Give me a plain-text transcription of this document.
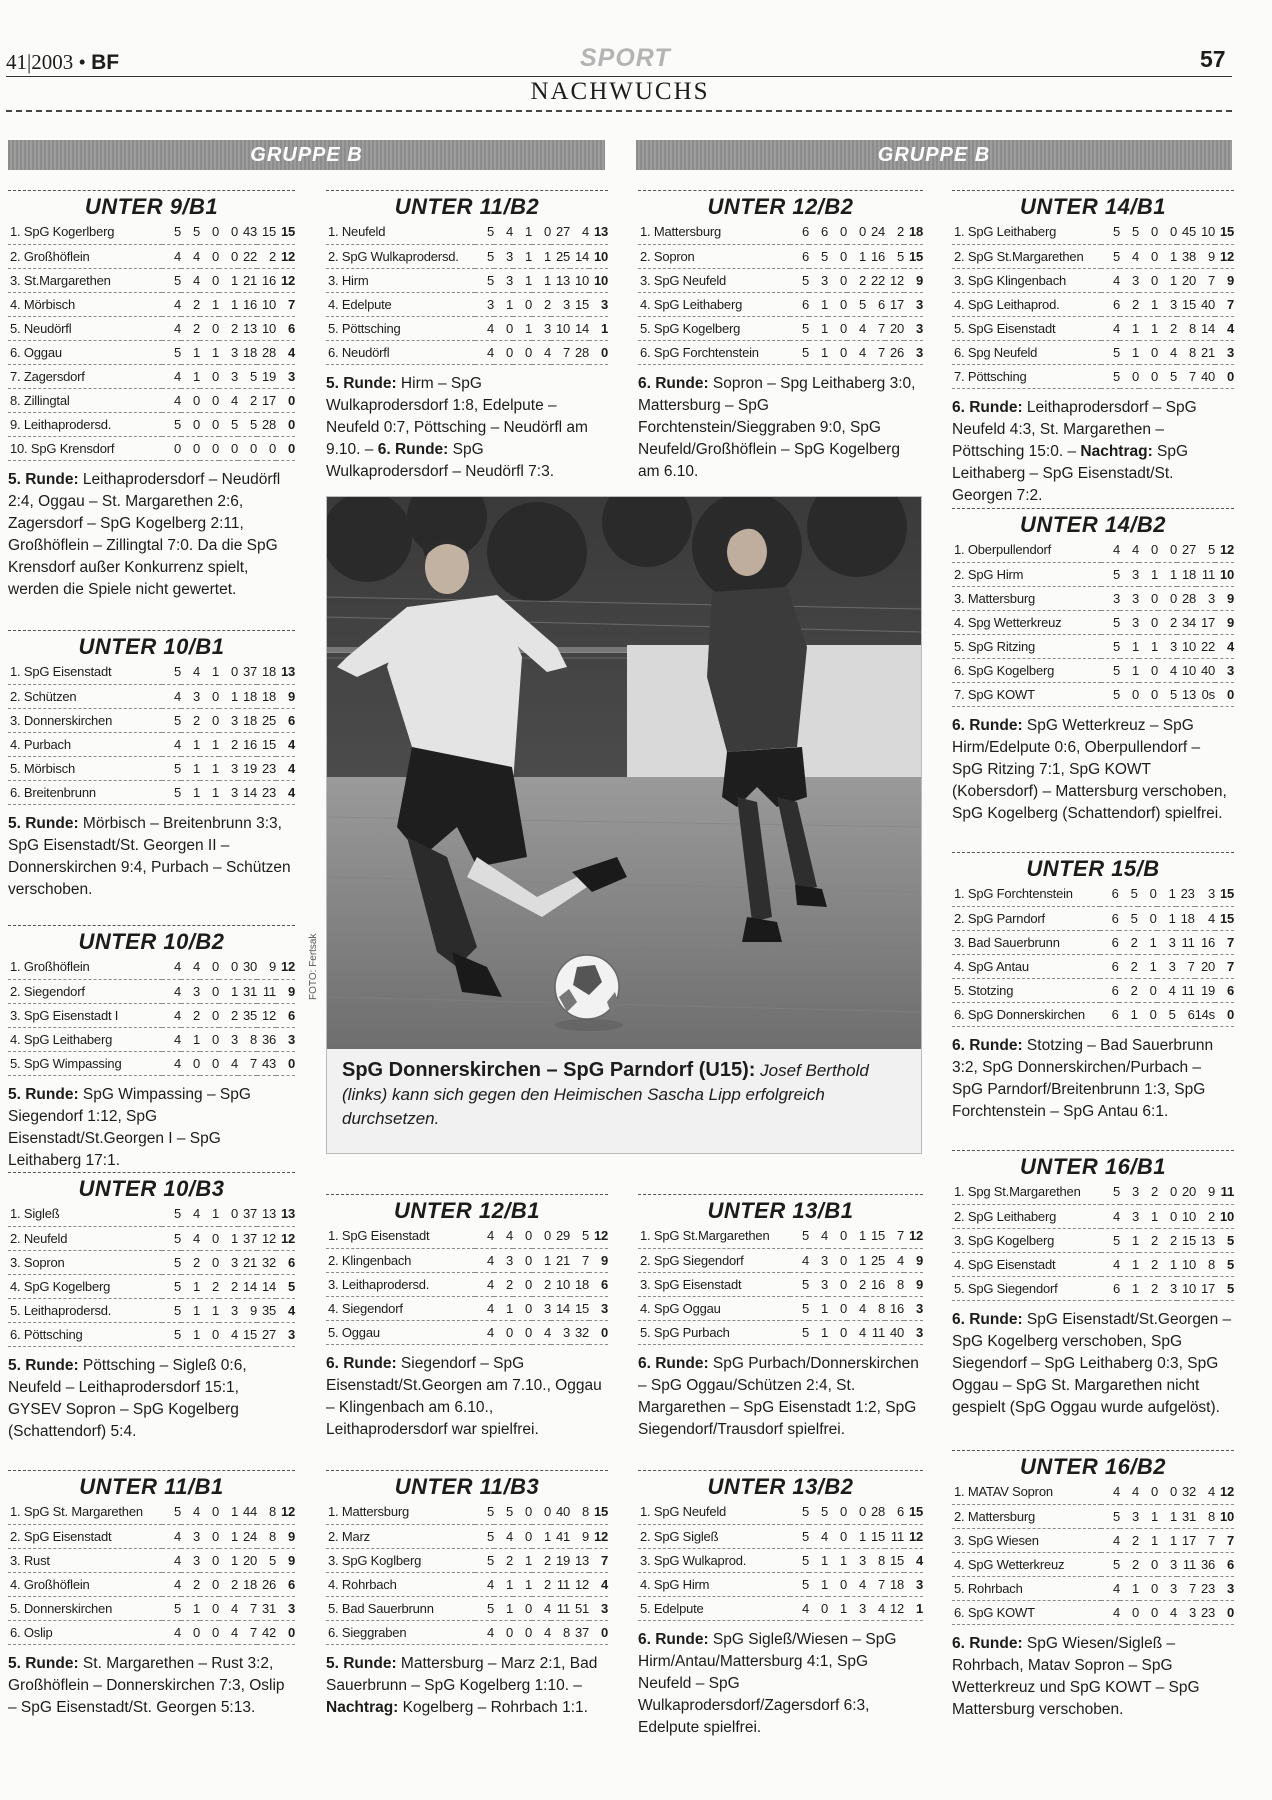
41|2003 • BF	SPORT	57
NACHWUCHS
GRUPPE B	GRUPPE B
UNTER 9/B1
1. SpG Kogerlberg	5	5	0	0	43	15	15
2. Großhöflein	4	4	0	0	22	2	12
3. St.Margarethen	5	4	0	1	21	16	12
4. Mörbisch	4	2	1	1	16	10	7
5. Neudörfl	4	2	0	2	13	10	6
6. Oggau	5	1	1	3	18	28	4
7. Zagersdorf	4	1	0	3	5	19	3
8. Zillingtal	4	0	0	4	2	17	0
9. Leithaprodersd.	5	0	0	5	5	28	0
10. SpG Krensdorf	0	0	0	0	0	0	0

5. Runde: Leithaprodersdorf – Neudörfl 2:4, Oggau – St. Margarethen 2:6, Zagersdorf – SpG Kogelberg 2:11, Großhöflein – Zillingtal 7:0. Da die SpG Krensdorf außer Konkurrenz spielt, werden die Spiele nicht gewertet.

UNTER 10/B1
1. SpG Eisenstadt	5	4	1	0	37	18	13
2. Schützen	4	3	0	1	18	18	9
3. Donnerskirchen	5	2	0	3	18	25	6
4. Purbach	4	1	1	2	16	15	4
5. Mörbisch	5	1	1	3	19	23	4
6. Breitenbrunn	5	1	1	3	14	23	4

5. Runde: Mörbisch – Breitenbrunn 3:3, SpG Eisenstadt/St. Georgen II – Donnerskirchen 9:4, Purbach – Schützen verschoben.

UNTER 10/B2
1. Großhöflein	4	4	0	0	30	9	12
2. Siegendorf	4	3	0	1	31	11	9
3. SpG Eisenstadt I	4	2	0	2	35	12	6
4. SpG Leithaberg	4	1	0	3	8	36	3
5. SpG Wimpassing	4	0	0	4	7	43	0

5. Runde: SpG Wimpassing – SpG Siegendorf 1:12, SpG Eisenstadt/St.Georgen I – SpG Leithaberg 17:1.

UNTER 10/B3
1. Sigleß	5	4	1	0	37	13	13
2. Neufeld	5	4	0	1	37	12	12
3. Sopron	5	2	0	3	21	32	6
4. SpG Kogelberg	5	1	2	2	14	14	5
5. Leithaprodersd.	5	1	1	3	9	35	4
6. Pöttsching	5	1	0	4	15	27	3

5. Runde: Pöttsching – Sigleß 0:6, Neufeld – Leithaprodersdorf 15:1, GYSEV Sopron – SpG Kogelberg (Schattendorf) 5:4.

UNTER 11/B1
1. SpG St. Margarethen	5	4	0	1	44	8	12
2. SpG Eisenstadt	4	3	0	1	24	8	9
3. Rust	4	3	0	1	20	5	9
4. Großhöflein	4	2	0	2	18	26	6
5. Donnerskirchen	5	1	0	4	7	31	3
6. Oslip	4	0	0	4	7	42	0

5. Runde: St. Margarethen – Rust 3:2, Großhöflein – Donnerskirchen 7:3, Oslip – SpG Eisenstadt/St. Georgen 5:13.

UNTER 11/B2
1. Neufeld	5	4	1	0	27	4	13
2. SpG Wulkaprodersd.	5	3	1	1	25	14	10
3. Hirm	5	3	1	1	13	10	10
4. Edelpute	3	1	0	2	3	15	3
5. Pöttsching	4	0	1	3	10	14	1
6. Neudörfl	4	0	0	4	7	28	0

5. Runde: Hirm – SpG Wulkaprodersdorf 1:8, Edelpute – Neufeld 0:7, Pöttsching – Neudörfl am 9.10. – 6. Runde: SpG Wulkaprodersdorf – Neudörfl 7:3.

UNTER 12/B1
1. SpG Eisenstadt	4	4	0	0	29	5	12
2. Klingenbach	4	3	0	1	21	7	9
3. Leithaprodersd.	4	2	0	2	10	18	6
4. Siegendorf	4	1	0	3	14	15	3
5. Oggau	4	0	0	4	3	32	0

6. Runde: Siegendorf – SpG Eisenstadt/St.Georgen am 7.10., Oggau – Klingenbach am 6.10., Leithaprodersdorf war spielfrei.

UNTER 11/B3
1. Mattersburg	5	5	0	0	40	8	15
2. Marz	5	4	0	1	41	9	12
3. SpG Koglberg	5	2	1	2	19	13	7
4. Rohrbach	4	1	1	2	11	12	4
5. Bad Sauerbrunn	5	1	0	4	11	51	3
6. Sieggraben	4	0	0	4	8	37	0

5. Runde: Mattersburg – Marz 2:1, Bad Sauerbrunn – SpG Kogelberg 1:10. – Nachtrag: Kogelberg – Rohrbach 1:1.

UNTER 12/B2
1. Mattersburg	6	6	0	0	24	2	18
2. Sopron	6	5	0	1	16	5	15
3. SpG Neufeld	5	3	0	2	22	12	9
4. SpG Leithaberg	6	1	0	5	6	17	3
5. SpG Kogelberg	5	1	0	4	7	20	3
6. SpG Forchtenstein	5	1	0	4	7	26	3

6. Runde: Sopron – Spg Leithaberg 3:0, Mattersburg – SpG Forchtenstein/Sieggraben 9:0, SpG Neufeld/Großhöflein – SpG Kogelberg am 6.10.

UNTER 13/B1
1. SpG St.Margarethen	5	4	0	1	15	7	12
2. SpG Siegendorf	4	3	0	1	25	4	9
3. SpG Eisenstadt	5	3	0	2	16	8	9
4. SpG Oggau	5	1	0	4	8	16	3
5. SpG Purbach	5	1	0	4	11	40	3

6. Runde: SpG Purbach/Donnerskirchen – SpG Oggau/Schützen 2:4, St. Margarethen – SpG Eisenstadt 1:2, SpG Siegendorf/Trausdorf spielfrei.

UNTER 13/B2
1. SpG Neufeld	5	5	0	0	28	6	15
2. SpG Sigleß	5	4	0	1	15	11	12
3. SpG Wulkaprod.	5	1	1	3	8	15	4
4. SpG Hirm	5	1	0	4	7	18	3
5. Edelpute	4	0	1	3	4	12	1

6. Runde: SpG Sigleß/Wiesen – SpG Hirm/Antau/Mattersburg 4:1, SpG Neufeld – SpG Wulkaprodersdorf/Zagersdorf 6:3, Edelpute spielfrei.

UNTER 14/B1
1. SpG Leithaberg	5	5	0	0	45	10	15
2. SpG St.Margarethen	5	4	0	1	38	9	12
3. SpG Klingenbach	4	3	0	1	20	7	9
4. SpG Leithaprod.	6	2	1	3	15	40	7
5. SpG Eisenstadt	4	1	1	2	8	14	4
6. Spg Neufeld	5	1	0	4	8	21	3
7. Pöttsching	5	0	0	5	7	40	0

6. Runde: Leithaprodersdorf – SpG Neufeld 4:3, St. Margarethen – Pöttsching 15:0. – Nachtrag: SpG Leithaberg – SpG Eisenstadt/St. Georgen 7:2.

UNTER 14/B2
1. Oberpullendorf	4	4	0	0	27	5	12
2. SpG Hirm	5	3	1	1	18	11	10
3. Mattersburg	3	3	0	0	28	3	9
4. Spg Wetterkreuz	5	3	0	2	34	17	9
5. SpG Ritzing	5	1	1	3	10	22	4
6. SpG Kogelberg	5	1	0	4	10	40	3
7. SpG KOWT	5	0	0	5	13	0s	0

6. Runde: SpG Wetterkreuz – SpG Hirm/Edelpute 0:6, Oberpullendorf – SpG Ritzing 7:1, SpG KOWT (Kobersdorf) – Mattersburg verschoben, SpG Kogelberg (Schattendorf) spielfrei.

UNTER 15/B
1. SpG Forchtenstein	6	5	0	1	23	3	15
2. SpG Parndorf	6	5	0	1	18	4	15
3. Bad Sauerbrunn	6	2	1	3	11	16	7
4. SpG Antau	6	2	1	3	7	20	7
5. Stotzing	6	2	0	4	11	19	6
6. SpG Donnerskirchen	6	1	0	5	6	14s	0

6. Runde: Stotzing – Bad Sauerbrunn 3:2, SpG Donnerskirchen/Purbach – SpG Parndorf/Breitenbrunn 1:3, SpG Forchtenstein – SpG Antau 6:1.

UNTER 16/B1
1. Spg St.Margarethen	5	3	2	0	20	9	11
2. SpG Leithaberg	4	3	1	0	10	2	10
3. SpG Kogelberg	5	1	2	2	15	13	5
4. SpG Eisenstadt	4	1	2	1	10	8	5
5. SpG Siegendorf	6	1	2	3	10	17	5

6. Runde: SpG Eisenstadt/St.Georgen – SpG Kogelberg verschoben, SpG Siegendorf – SpG Leithaberg 0:3, SpG Oggau – SpG St. Margarethen nicht gespielt (SpG Oggau wurde aufgelöst).

UNTER 16/B2
1. MATAV Sopron	4	4	0	0	32	4	12
2. Mattersburg	5	3	1	1	31	8	10
3. SpG Wiesen	4	2	1	1	17	7	7
4. SpG Wetterkreuz	5	2	0	3	11	36	6
5. Rohrbach	4	1	0	3	7	23	3
6. SpG KOWT	4	0	0	4	3	23	0

6. Runde: SpG Wiesen/Sigleß – Rohrbach, Matav Sopron – SpG Wetterkreuz und SpG KOWT – SpG Mattersburg verschoben.

FOTO: Fertsak
SpG Donnerskirchen – SpG Parndorf (U15): Josef Berthold (links) kann sich gegen den Heimischen Sascha Lipp erfolgreich durchsetzen.
